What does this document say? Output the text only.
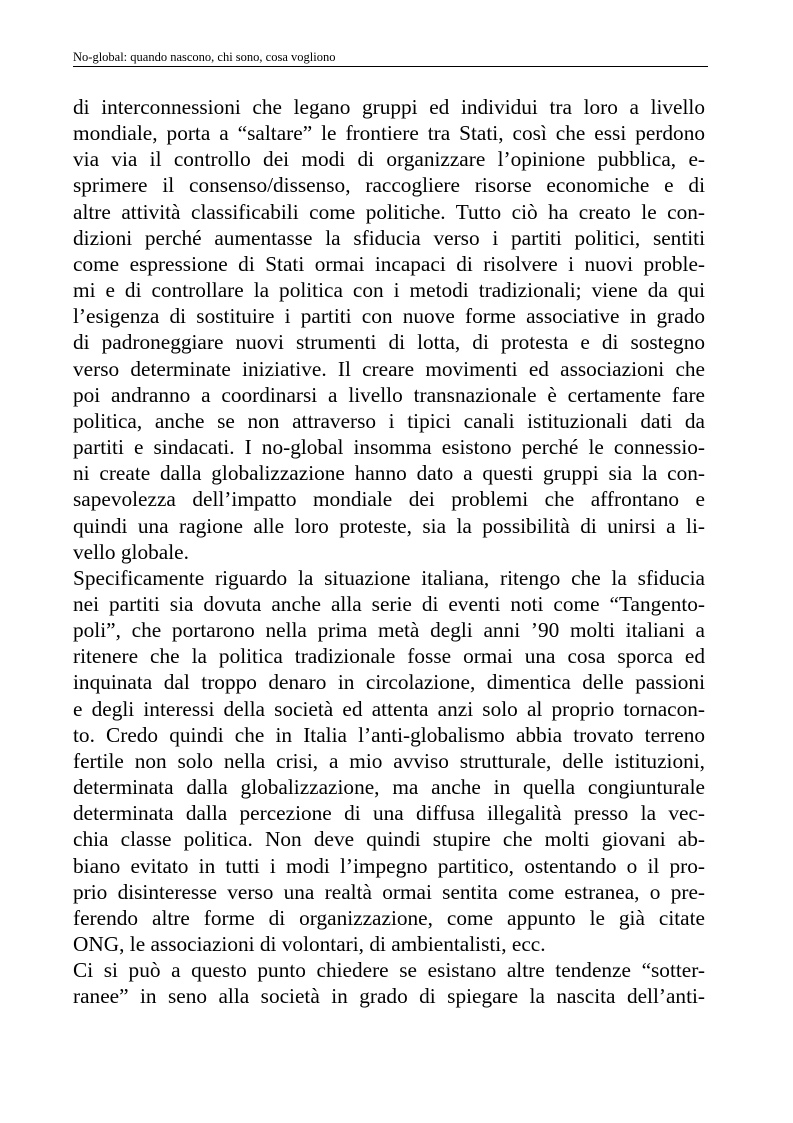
No-global: quando nascono, chi sono, cosa vogliono
di interconnessioni che legano gruppi ed individui tra loro a livello
mondiale, porta a “saltare” le frontiere tra Stati, così che essi perdono
via via il controllo dei modi di organizzare l’opinione pubblica, e-
sprimere il consenso/dissenso, raccogliere risorse economiche e di
altre attività classificabili come politiche. Tutto ciò ha creato le con-
dizioni perché aumentasse la sfiducia verso i partiti politici, sentiti
come espressione di Stati ormai incapaci di risolvere i nuovi proble-
mi e di controllare la politica con i metodi tradizionali; viene da qui
l’esigenza di sostituire i partiti con nuove forme associative in grado
di padroneggiare nuovi strumenti di lotta, di protesta e di sostegno
verso determinate iniziative. Il creare movimenti ed associazioni che
poi andranno a coordinarsi a livello transnazionale è certamente fare
politica, anche se non attraverso i tipici canali istituzionali dati da
partiti e sindacati. I no-global insomma esistono perché le connessio-
ni create dalla globalizzazione hanno dato a questi gruppi sia la con-
sapevolezza dell’impatto mondiale dei problemi che affrontano e
quindi una ragione alle loro proteste, sia la possibilità di unirsi a li-
vello globale.
Specificamente riguardo la situazione italiana, ritengo che la sfiducia
nei partiti sia dovuta anche alla serie di eventi noti come “Tangento-
poli”, che portarono nella prima metà degli anni ’90 molti italiani a
ritenere che la politica tradizionale fosse ormai una cosa sporca ed
inquinata dal troppo denaro in circolazione, dimentica delle passioni
e degli interessi della società ed attenta anzi solo al proprio tornacon-
to. Credo quindi che in Italia l’anti-globalismo abbia trovato terreno
fertile non solo nella crisi, a mio avviso strutturale, delle istituzioni,
determinata dalla globalizzazione, ma anche in quella congiunturale
determinata dalla percezione di una diffusa illegalità presso la vec-
chia classe politica. Non deve quindi stupire che molti giovani ab-
biano evitato in tutti i modi l’impegno partitico, ostentando o il pro-
prio disinteresse verso una realtà ormai sentita come estranea, o pre-
ferendo altre forme di organizzazione, come appunto le già citate
ONG, le associazioni di volontari, di ambientalisti, ecc.
Ci si può a questo punto chiedere se esistano altre tendenze “sotter-
ranee” in seno alla società in grado di spiegare la nascita dell’anti-
